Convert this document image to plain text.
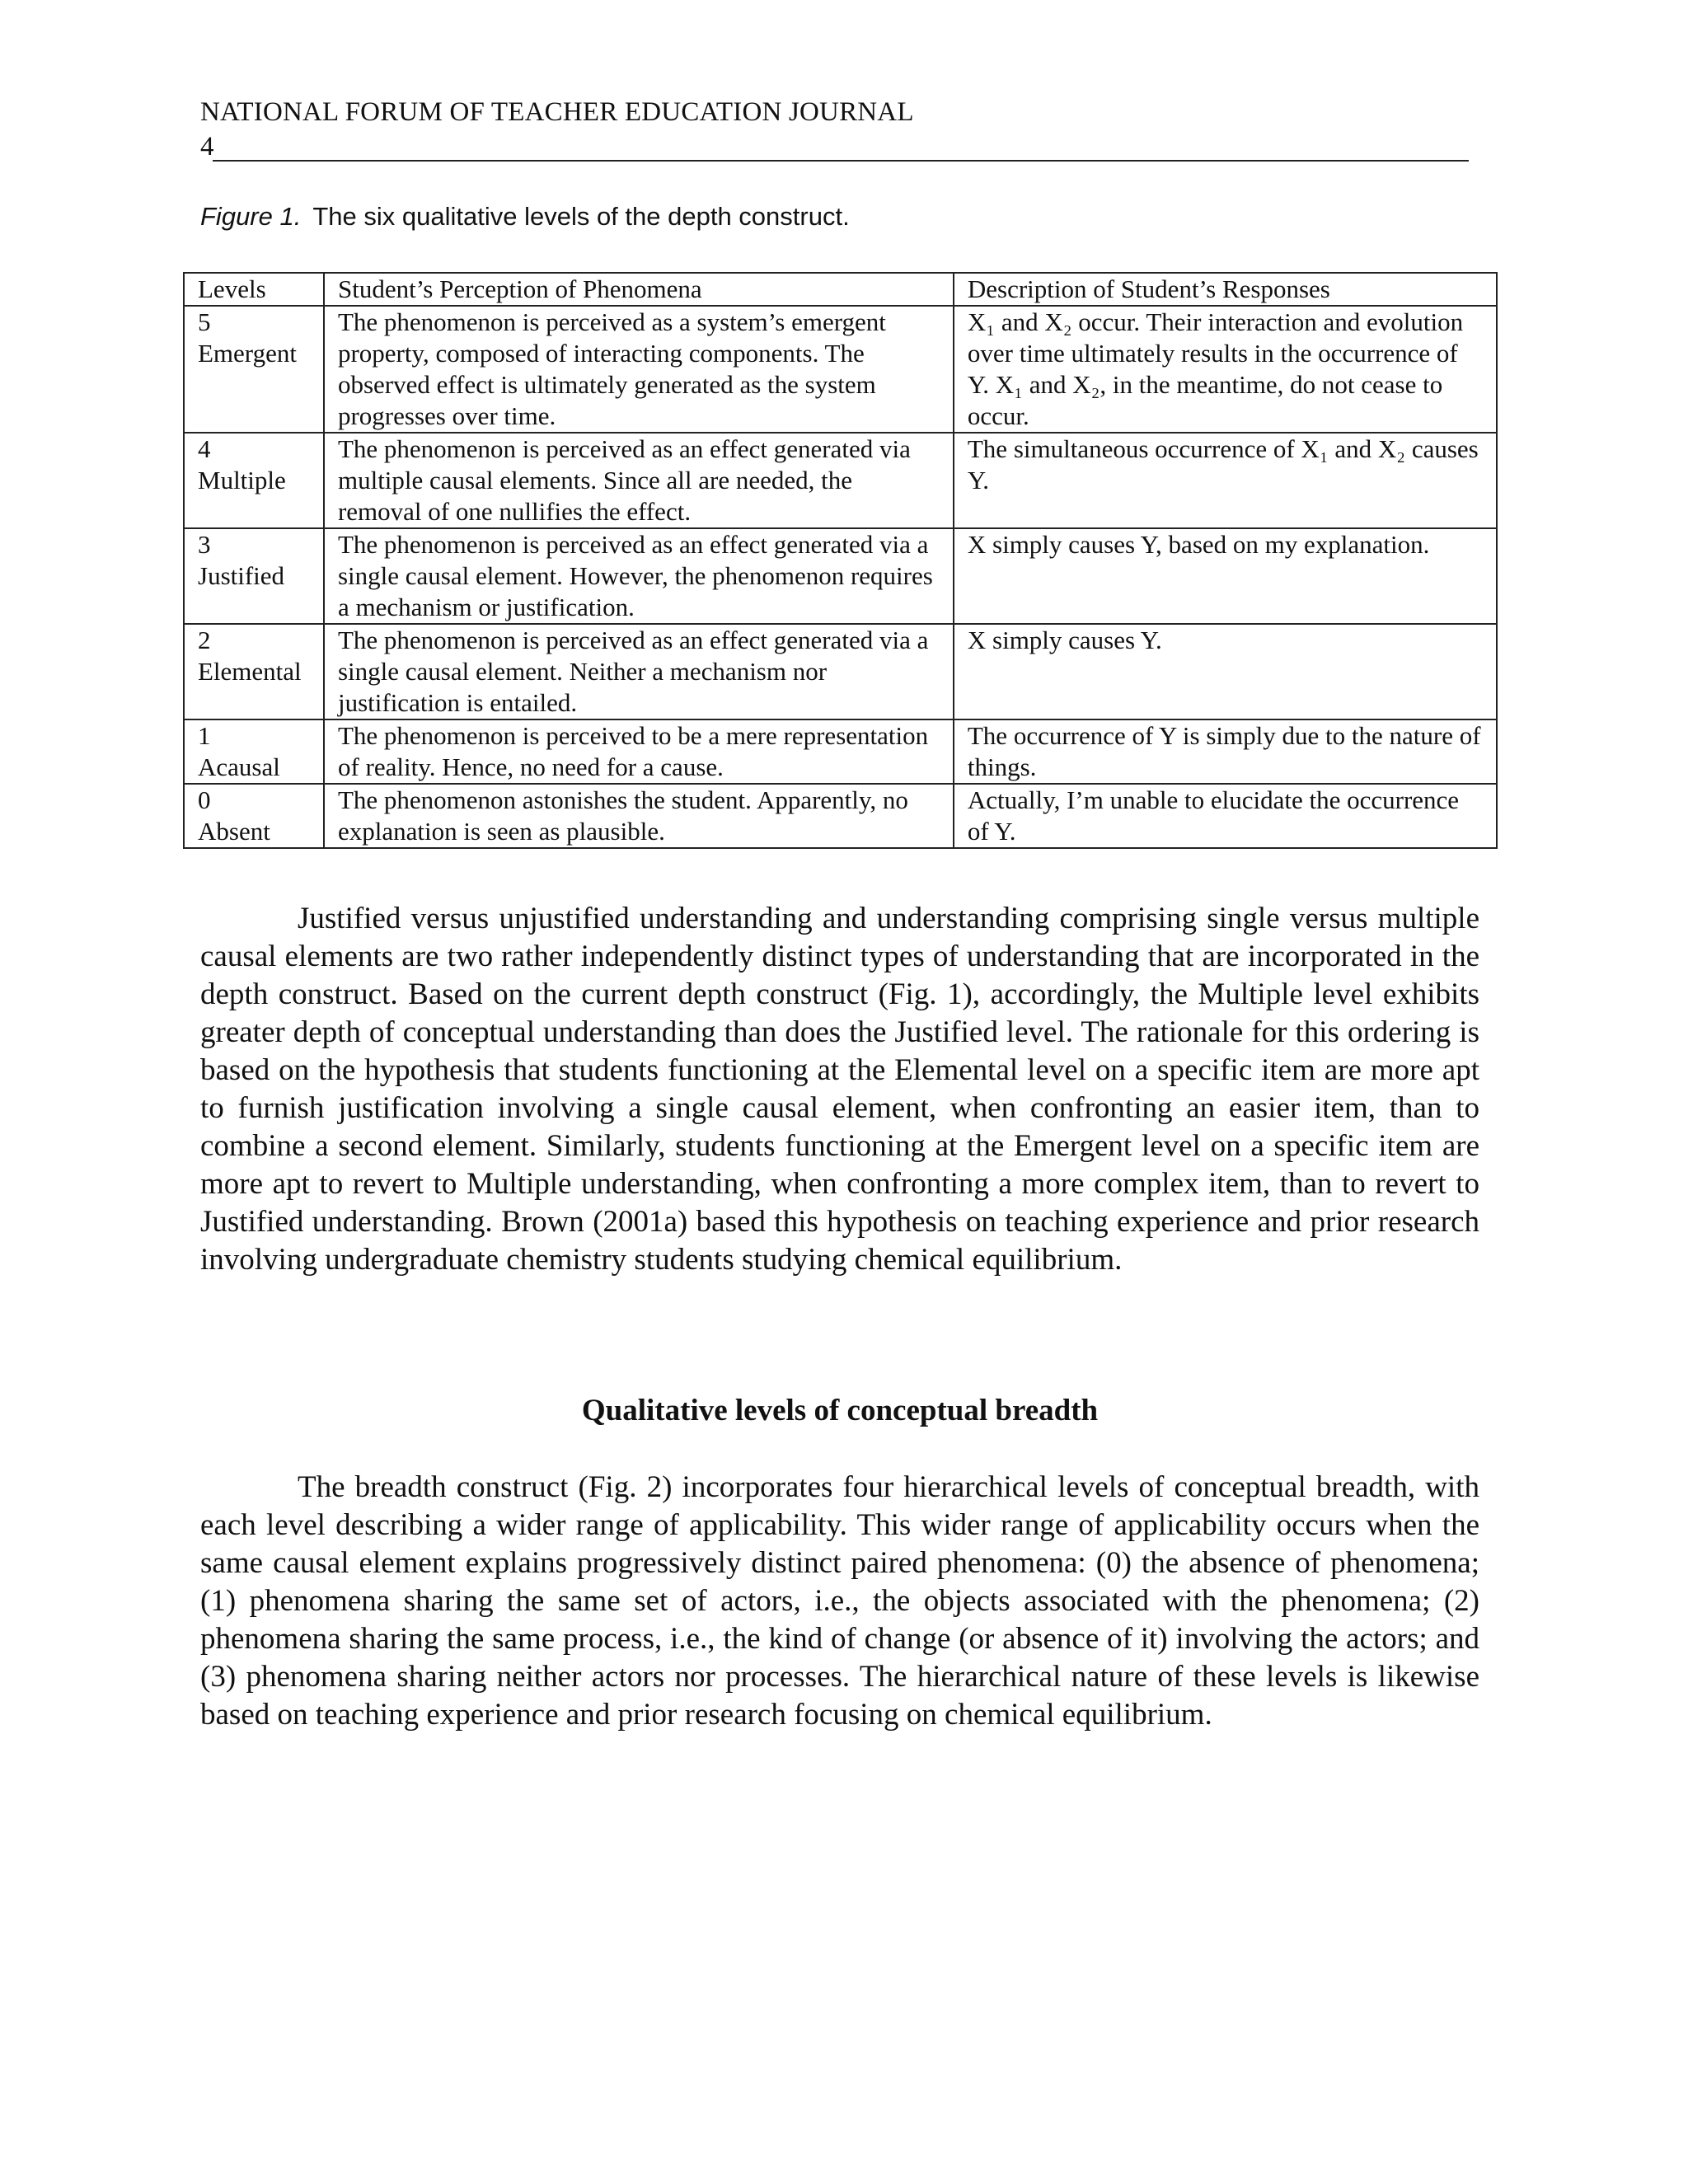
NATIONAL FORUM OF TEACHER EDUCATION JOURNAL
4
Figure 1. The six qualitative levels of the depth construct.
Levels	Student’s Perception of Phenomena	Description of Student’s Responses

5
Emergent	The phenomenon is perceived as a system’s emergent property, composed of interacting components. The observed effect is ultimately generated as the system progresses over time.	X₁ and X₂ occur. Their interaction and evolution over time ultimately results in the occurrence of Y. X₁ and X₂, in the meantime, do not cease to occur.

4
Multiple	The phenomenon is perceived as an effect generated via multiple causal elements. Since all are needed, the removal of one nullifies the effect.	The simultaneous occurrence of X₁ and X₂ causes Y.

3
Justified	The phenomenon is perceived as an effect generated via a single causal element. However, the phenomenon requires a mechanism or justification.	X simply causes Y, based on my explanation.

2
Elemental	The phenomenon is perceived as an effect generated via a single causal element. Neither a mechanism nor justification is entailed.	X simply causes Y.

1
Acausal	The phenomenon is perceived to be a mere representation of reality. Hence, no need for a cause.	The occurrence of Y is simply due to the nature of things.

0
Absent	The phenomenon astonishes the student. Apparently, no explanation is seen as plausible.	Actually, I’m unable to elucidate the occurrence of Y.

Justified versus unjustified understanding and understanding comprising single versus multiple causal elements are two rather independently distinct types of understanding that are incorporated in the depth construct. Based on the current depth construct (Fig. 1), accordingly, the Multiple level exhibits greater depth of conceptual understanding than does the Justified level. The rationale for this ordering is based on the hypothesis that students functioning at the Elemental level on a specific item are more apt to furnish justification involving a single causal element, when confronting an easier item, than to combine a second element. Similarly, students functioning at the Emergent level on a specific item are more apt to revert to Multiple understanding, when confronting a more complex item, than to revert to Justified understanding. Brown (2001a) based this hypothesis on teaching experience and prior research involving undergraduate chemistry students studying chemical equilibrium.

Qualitative levels of conceptual breadth

The breadth construct (Fig. 2) incorporates four hierarchical levels of conceptual breadth, with each level describing a wider range of applicability. This wider range of applicability occurs when the same causal element explains progressively distinct paired phenomena: (0) the absence of phenomena; (1) phenomena sharing the same set of actors, i.e., the objects associated with the phenomena; (2) phenomena sharing the same process, i.e., the kind of change (or absence of it) involving the actors; and (3) phenomena sharing neither actors nor processes. The hierarchical nature of these levels is likewise based on teaching experience and prior research focusing on chemical equilibrium.
